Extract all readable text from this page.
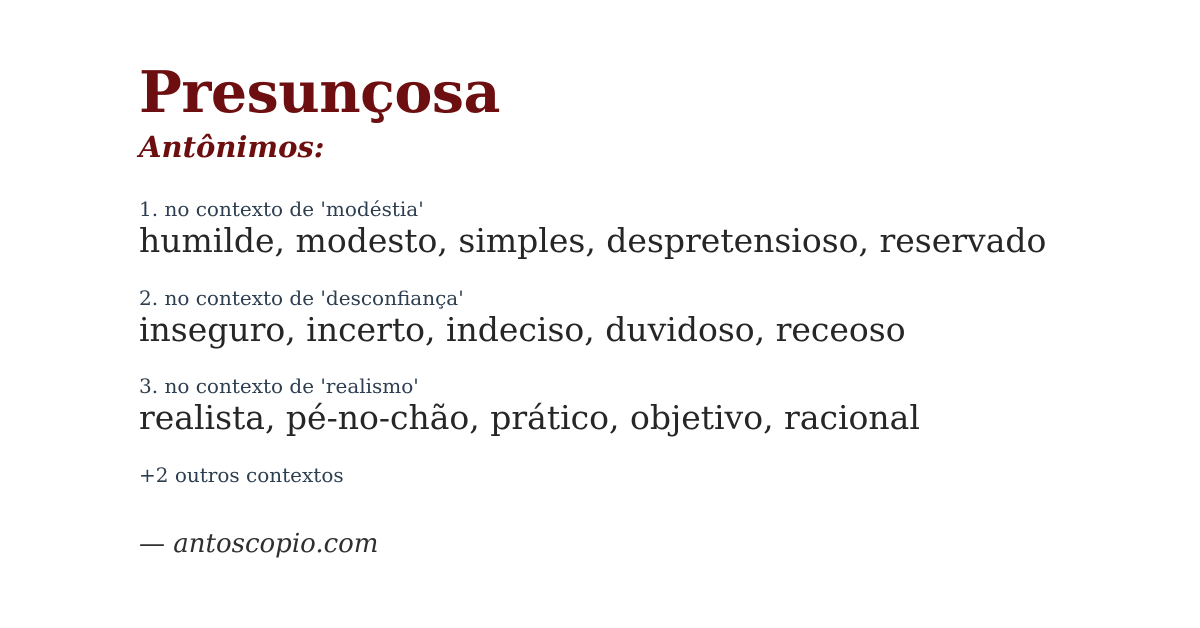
Presunçosa
Antônimos:
1. no contexto de 'modéstia'
humilde, modesto, simples, despretensioso, reservado
2. no contexto de 'desconfiança'
inseguro, incerto, indeciso, duvidoso, receoso
3. no contexto de 'realismo'
realista, pé-no-chão, prático, objetivo, racional
+2 outros contextos
— antoscopio.com
